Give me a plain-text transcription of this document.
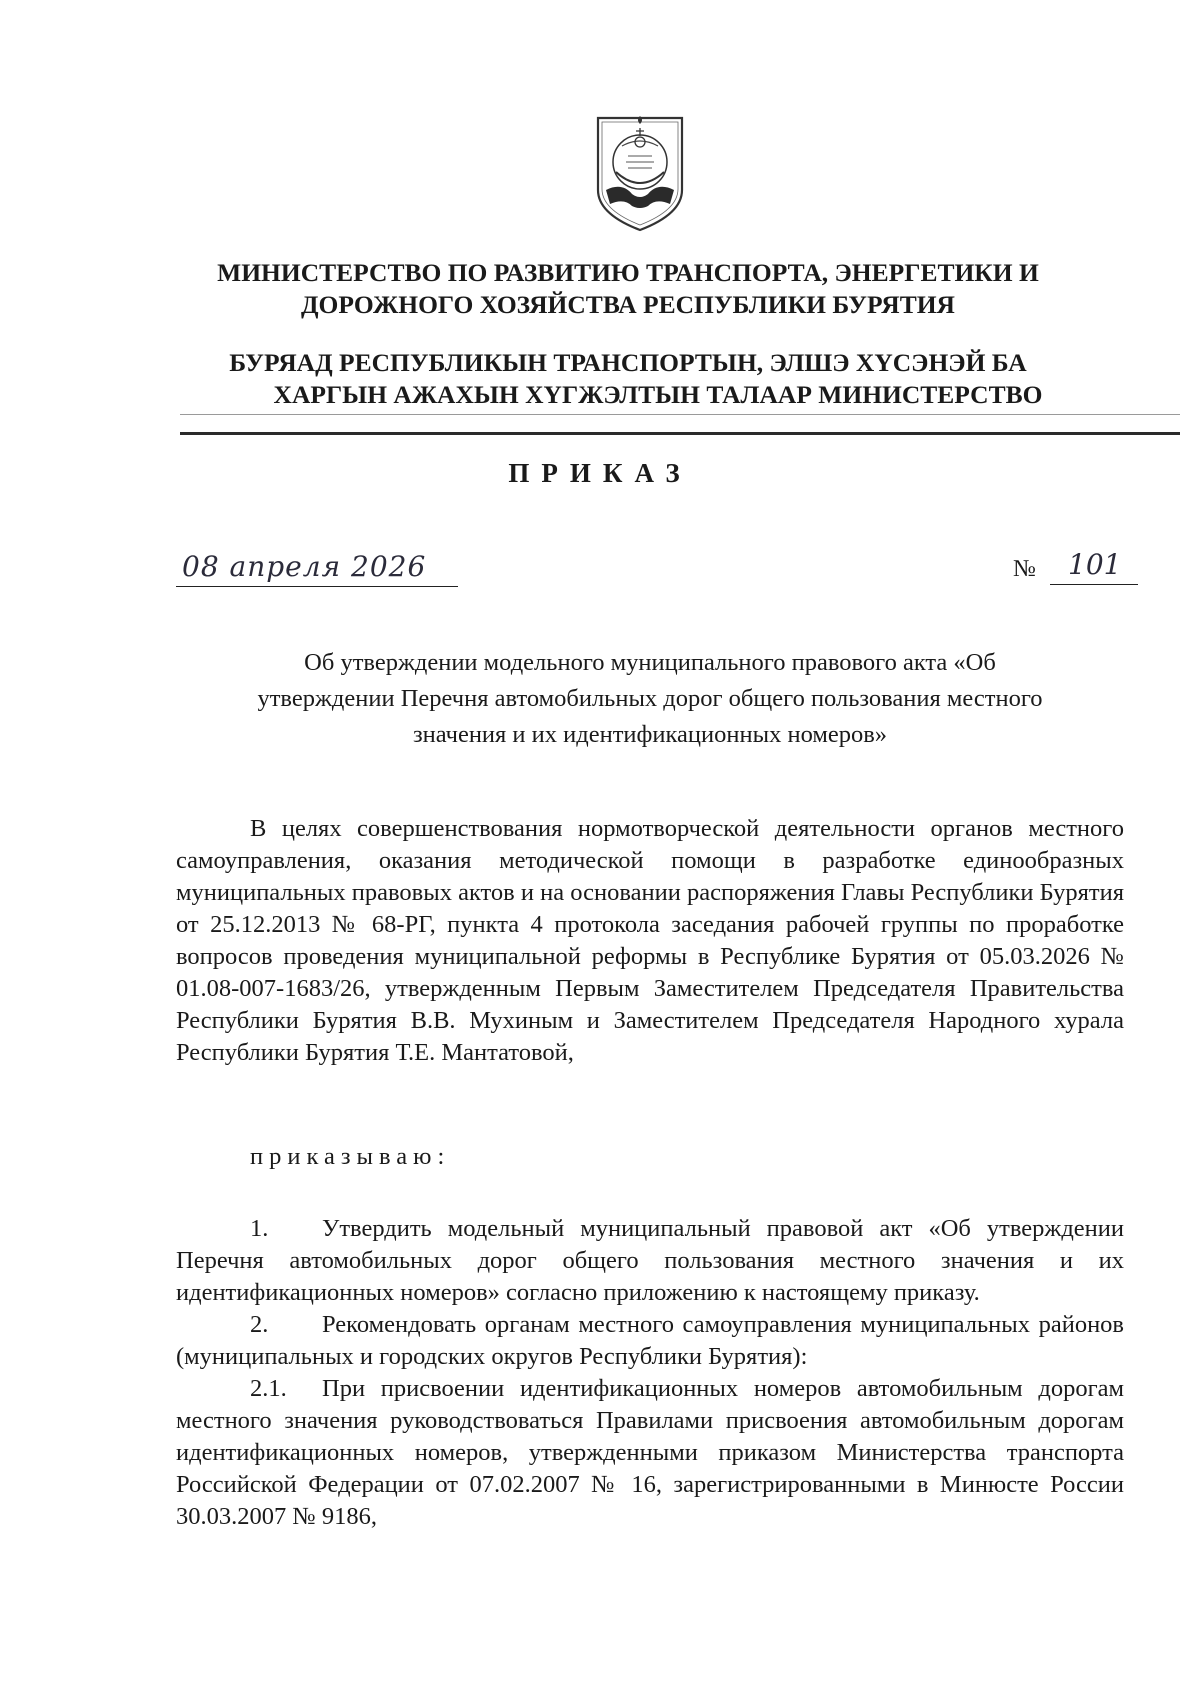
МИНИСТЕРСТВО ПО РАЗВИТИЮ ТРАНСПОРТА, ЭНЕРГЕТИКИ И
ДОРОЖНОГО ХОЗЯЙСТВА РЕСПУБЛИКИ БУРЯТИЯ
БУРЯАД РЕСПУБЛИКЫН ТРАНСПОРТЫН, ЭЛШЭ ХҮСЭНЭЙ БА
ХАРГЫН АЖАХЫН ХҮГЖЭЛТЫН ТАЛААР МИНИСТЕРСТВО
ПРИКАЗ
08 апреля 2026	№	101
Об утверждении модельного муниципального правового акта «Об
утверждении Перечня автомобильных дорог общего пользования местного
значения и их идентификационных номеров»

В целях совершенствования нормотворческой деятельности органов местного самоуправления, оказания методической помощи в разработке единообразных муниципальных правовых актов и на основании распоряжения Главы Республики Бурятия от 25.12.2013 № 68-РГ, пункта 4 протокола заседания рабочей группы по проработке вопросов проведения муниципальной реформы в Республике Бурятия от 05.03.2026 № 01.08-007-1683/26, утвержденным Первым Заместителем Председателя Правительства Республики Бурятия В.В. Мухиным и Заместителем Председателя Народного хурала Республики Бурятия Т.Е. Мантатовой,

приказываю:

1. Утвердить модельный муниципальный правовой акт «Об утверждении Перечня автомобильных дорог общего пользования местного значения и их идентификационных номеров» согласно приложению к настоящему приказу.

2. Рекомендовать органам местного самоуправления муниципальных районов (муниципальных и городских округов Республики Бурятия):

2.1. При присвоении идентификационных номеров автомобильным дорогам местного значения руководствоваться Правилами присвоения автомобильным дорогам идентификационных номеров, утвержденными приказом Министерства транспорта Российской Федерации от 07.02.2007 № 16, зарегистрированными в Минюсте России 30.03.2007 № 9186,
